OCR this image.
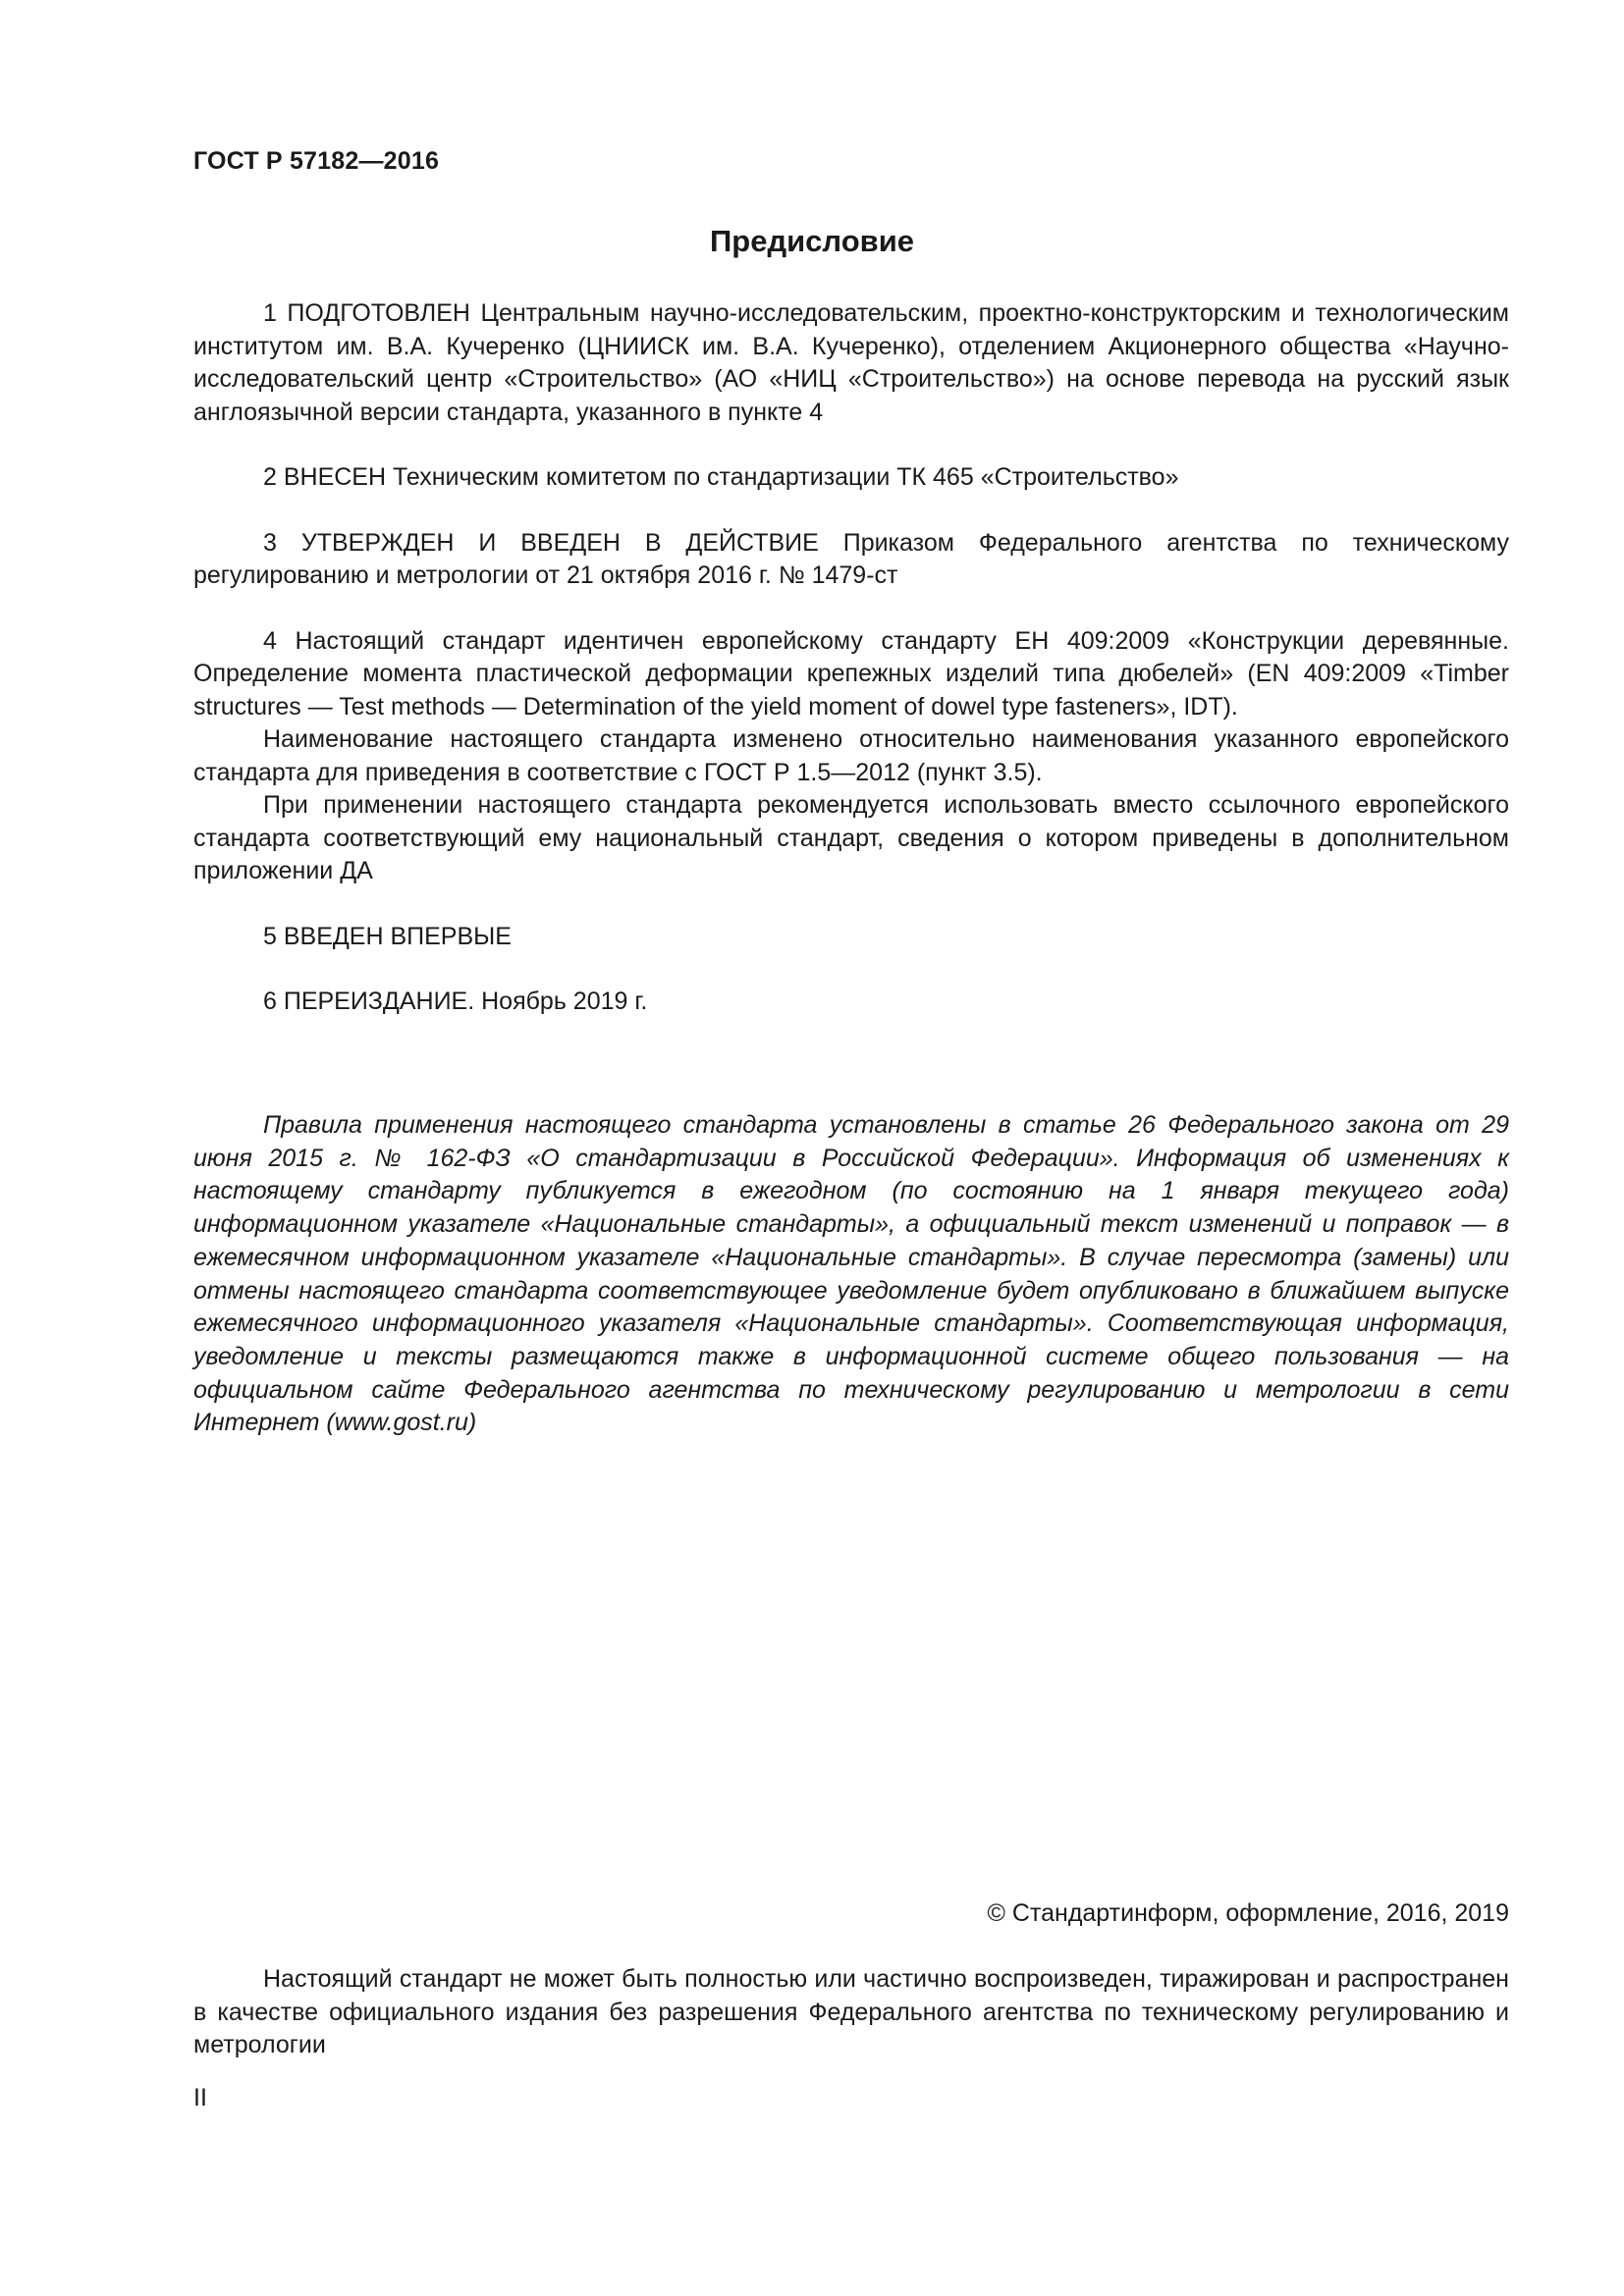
ГОСТ Р 57182—2016
Предисловие

1 ПОДГОТОВЛЕН Центральным научно-исследовательским, проектно-конструкторским и технологическим институтом им. В.А. Кучеренко (ЦНИИСК им. В.А. Кучеренко), отделением Акционерного общества «Научно-исследовательский центр «Строительство» (АО «НИЦ «Строительство») на основе перевода на русский язык англоязычной версии стандарта, указанного в пункте 4

2 ВНЕСЕН Техническим комитетом по стандартизации ТК 465 «Строительство»

3 УТВЕРЖДЕН И ВВЕДЕН В ДЕЙСТВИЕ Приказом Федерального агентства по техническому регулированию и метрологии от 21 октября 2016 г. № 1479-ст

4 Настоящий стандарт идентичен европейскому стандарту ЕН 409:2009 «Конструкции деревянные. Определение момента пластической деформации крепежных изделий типа дюбелей» (EN 409:2009 «Timber structures — Test methods — Determination of the yield moment of dowel type fasteners», IDT).

Наименование настоящего стандарта изменено относительно наименования указанного европейского стандарта для приведения в соответствие с ГОСТ Р 1.5—2012 (пункт 3.5).

При применении настоящего стандарта рекомендуется использовать вместо ссылочного европейского стандарта соответствующий ему национальный стандарт, сведения о котором приведены в дополнительном приложении ДА

5 ВВЕДЕН ВПЕРВЫЕ

6 ПЕРЕИЗДАНИЕ. Ноябрь 2019 г.

Правила применения настоящего стандарта установлены в статье 26 Федерального закона от 29 июня 2015 г. № 162-ФЗ «О стандартизации в Российской Федерации». Информация об изменениях к настоящему стандарту публикуется в ежегодном (по состоянию на 1 января текущего года) информационном указателе «Национальные стандарты», а официальный текст изменений и поправок — в ежемесячном информационном указателе «Национальные стандарты». В случае пересмотра (замены) или отмены настоящего стандарта соответствующее уведомление будет опубликовано в ближайшем выпуске ежемесячного информационного указателя «Национальные стандарты». Соответствующая информация, уведомление и тексты размещаются также в информационной системе общего пользования — на официальном сайте Федерального агентства по техническому регулированию и метрологии в сети Интернет (www.gost.ru)

© Стандартинформ, оформление, 2016, 2019

Настоящий стандарт не может быть полностью или частично воспроизведен, тиражирован и распространен в качестве официального издания без разрешения Федерального агентства по техническому регулированию и метрологии

II
